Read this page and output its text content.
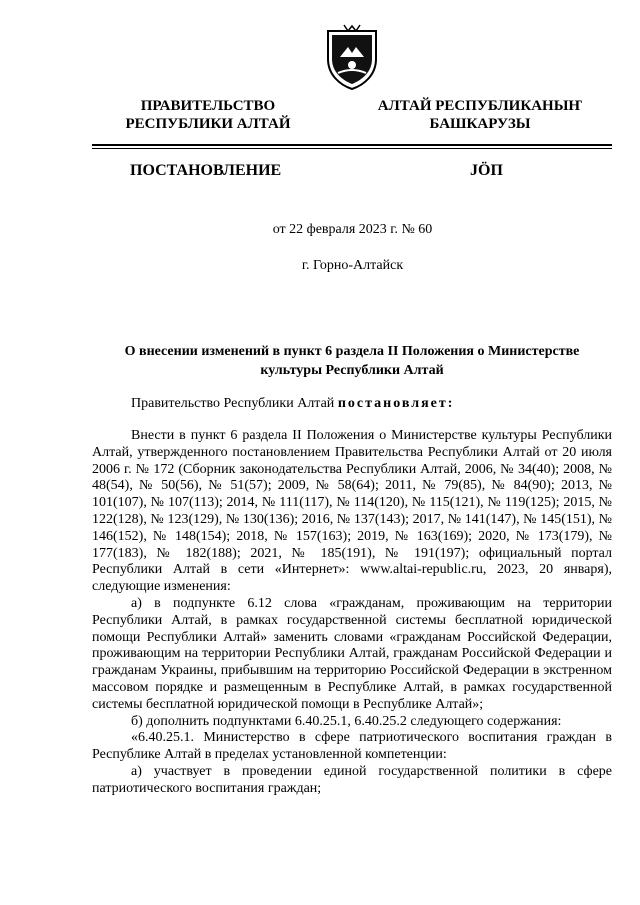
ПРАВИТЕЛЬСТВО
РЕСПУБЛИКИ АЛТАЙ
АЛТАЙ РЕСПУБЛИКАНЫҤ
БАШКАРУЗЫ
ПОСТАНОВЛЕНИЕ	JÖП
от 22 февраля 2023 г. № 60
г. Горно-Алтайск
О внесении изменений в пункт 6 раздела II Положения о Министерстве
культуры Республики Алтай
Правительство Республики Алтай постановляет:

Внести в пункт 6 раздела II Положения о Министерстве культуры Республики Алтай, утвержденного постановлением Правительства Республики Алтай от 20 июля 2006 г. № 172 (Сборник законодательства Республики Алтай, 2006, № 34(40); 2008, № 48(54), № 50(56), № 51(57); 2009, № 58(64); 2011, № 79(85), № 84(90); 2013, № 101(107), № 107(113); 2014, № 111(117), № 114(120), № 115(121), № 119(125); 2015, № 122(128), № 123(129), № 130(136); 2016, № 137(143); 2017, № 141(147), № 145(151), № 146(152), № 148(154); 2018, № 157(163); 2019, № 163(169); 2020, № 173(179), № 177(183), № 182(188); 2021, № 185(191), № 191(197); официальный портал Республики Алтай в сети «Интернет»: www.altai-republic.ru, 2023, 20 января), следующие изменения:

а) в подпункте 6.12 слова «гражданам, проживающим на территории Республики Алтай, в рамках государственной системы бесплатной юридической помощи Республики Алтай» заменить словами «гражданам Российской Федерации, проживающим на территории Республики Алтай, гражданам Российской Федерации и гражданам Украины, прибывшим на территорию Российской Федерации в экстренном массовом порядке и размещенным в Республике Алтай, в рамках государственной системы бесплатной юридической помощи в Республике Алтай»;

б) дополнить подпунктами 6.40.25.1, 6.40.25.2 следующего содержания:

«6.40.25.1. Министерство в сфере патриотического воспитания граждан в Республике Алтай в пределах установленной компетенции:

а) участвует в проведении единой государственной политики в сфере патриотического воспитания граждан;
